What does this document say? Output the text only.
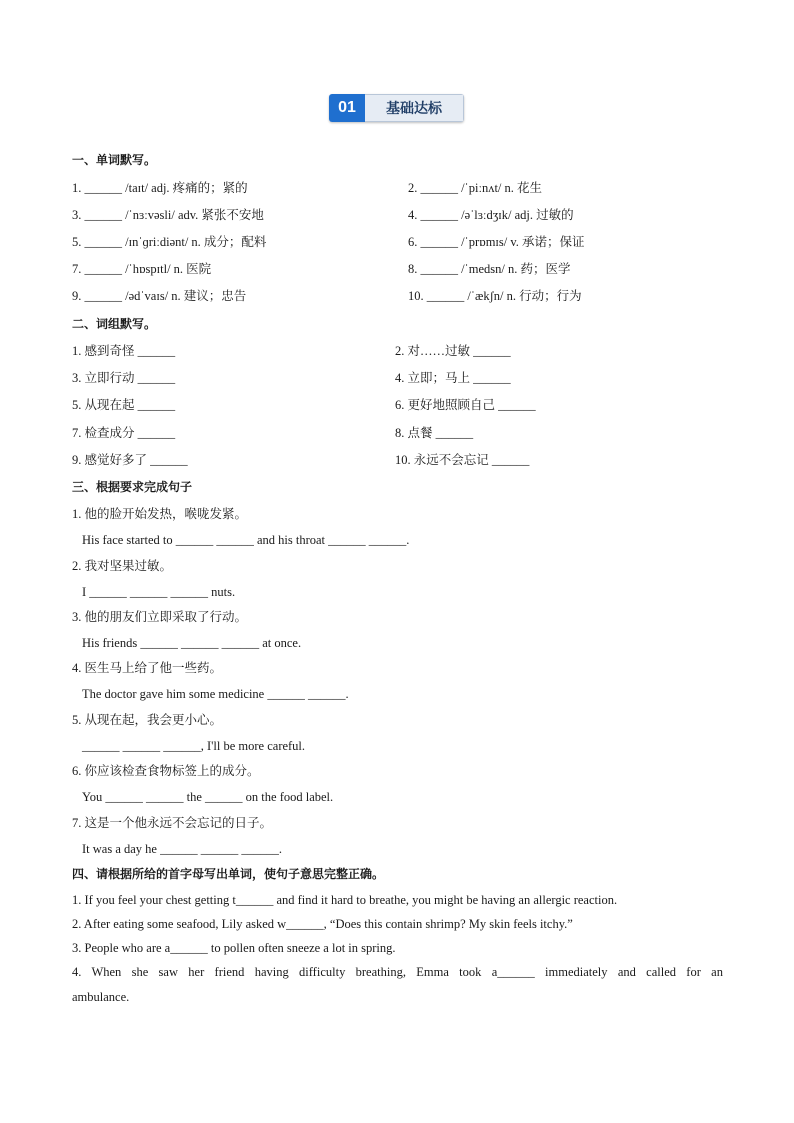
01	基础达标
一、单词默写。
1. ______ /taɪt/ adj. 疼痛的；紧的	2. ______ /ˈpiːnʌt/ n. 花生
3. ______ /ˈnɜːvəsli/ adv. 紧张不安地	4. ______ /əˈlɜːdʒɪk/ adj. 过敏的
5. ______ /ɪnˈɡriːdiənt/ n. 成分；配料	6. ______ /ˈprɒmɪs/ v. 承诺；保证
7. ______ /ˈhɒspɪtl/ n. 医院	8. ______ /ˈmedsn/ n. 药；医学
9. ______ /ədˈvaɪs/ n. 建议；忠告	10. ______ /ˈækʃn/ n. 行动；行为
二、词组默写。
1. 感到奇怪 ______	2. 对……过敏 ______
3. 立即行动 ______	4. 立即；马上 ______
5. 从现在起 ______	6. 更好地照顾自己 ______
7. 检查成分 ______	8. 点餐 ______
9. 感觉好多了 ______	10. 永远不会忘记 ______
三、根据要求完成句子
1. 他的脸开始发热，喉咙发紧。
His face started to ______ ______ and his throat ______ ______.
2. 我对坚果过敏。
I ______ ______ ______ nuts.
3. 他的朋友们立即采取了行动。
His friends ______ ______ ______ at once.
4. 医生马上给了他一些药。
The doctor gave him some medicine ______ ______.
5. 从现在起，我会更小心。
______ ______ ______, I'll be more careful.
6. 你应该检查食物标签上的成分。
You ______ ______ the ______ on the food label.
7. 这是一个他永远不会忘记的日子。
It was a day he ______ ______ ______.
四、请根据所给的首字母写出单词，使句子意思完整正确。
1. If you feel your chest getting t______ and find it hard to breathe, you might be having an allergic reaction.
2. After eating some seafood, Lily asked w______, “Does this contain shrimp? My skin feels itchy.”
3. People who are a______ to pollen often sneeze a lot in spring.
4. When she saw her friend having difficulty breathing, Emma took a______ immediately and called for an
ambulance.
